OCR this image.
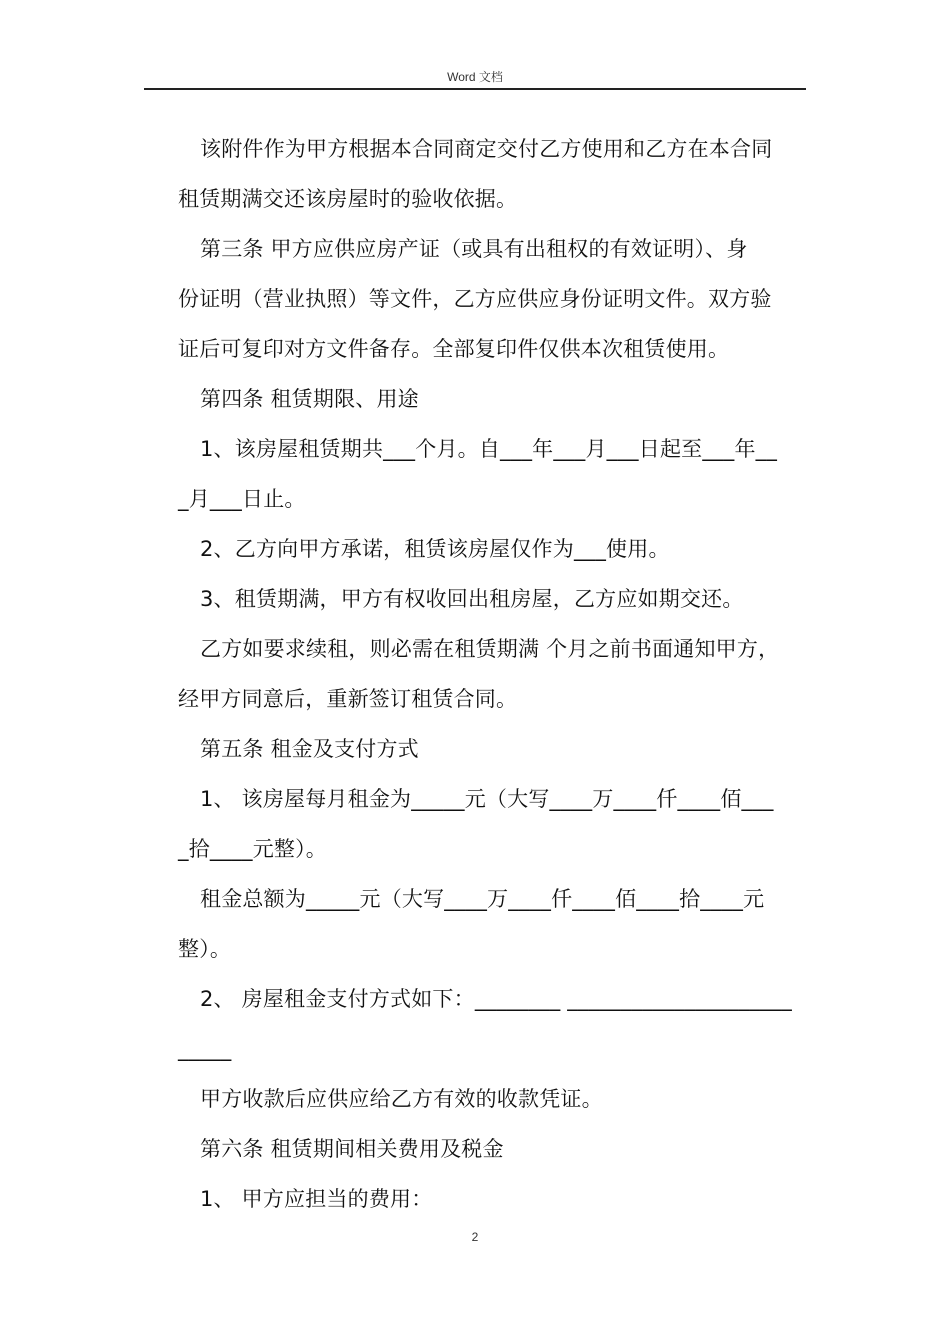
Word 文档
该附件作为甲方根据本合同商定交付乙方使用和乙方在本合同
租赁期满交还该房屋时的验收依据。
第三条 甲方应供应房产证（或具有出租权的有效证明）、身
份证明（营业执照）等文件，乙方应供应身份证明文件。双方验
证后可复印对方文件备存。全部复印件仅供本次租赁使用。
第四条 租赁期限、用途
1、该房屋租赁期共___个月。自___年___月___日起至___年__
_月___日止。
2、乙方向甲方承诺，租赁该房屋仅作为___使用。
3、租赁期满，甲方有权收回出租房屋，乙方应如期交还。
乙方如要求续租，则必需在租赁期满 个月之前书面通知甲方，
经甲方同意后，重新签订租赁合同。
第五条 租金及支付方式
1、 该房屋每月租金为_____元（大写____万____仟____佰___
_拾____元整）。
租金总额为_____元（大写____万____仟____佰____拾____元
整）。
2、 房屋租金支付方式如下：________ _____________________
_____
甲方收款后应供应给乙方有效的收款凭证。
第六条 租赁期间相关费用及税金
1、 甲方应担当的费用：
2
